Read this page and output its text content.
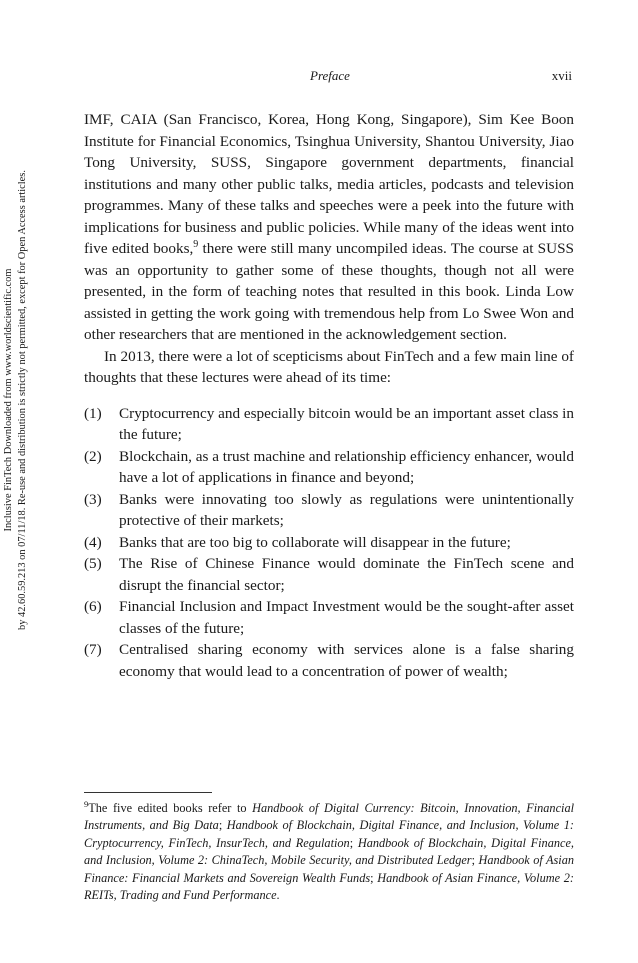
Inclusive FinTech Downloaded from www.worldscientific.com by 42.60.59.213 on 07/11/18. Re-use and distribution is strictly not permitted, except for Open Access articles.
Preface	xvii

IMF, CAIA (San Francisco, Korea, Hong Kong, Singapore), Sim Kee Boon Institute for Financial Economics, Tsinghua University, Shantou University, Jiao Tong University, SUSS, Singapore government departments, financial institutions and many other public talks, media articles, podcasts and television programmes. Many of these talks and speeches were a peek into the future with implications for business and public policies. While many of the ideas went into five edited books,$^9$ there were still many uncompiled ideas. The course at SUSS was an opportunity to gather some of these thoughts, though not all were presented, in the form of teaching notes that resulted in this book. Linda Low assisted in getting the work going with tremendous help from Lo Swee Won and other researchers that are mentioned in the acknowledgement section.

In 2013, there were a lot of scepticisms about FinTech and a few main line of thoughts that these lectures were ahead of its time:

(1) Cryptocurrency and especially bitcoin would be an important asset class in the future;
(2) Blockchain, as a trust machine and relationship efficiency enhancer, would have a lot of applications in finance and beyond;
(3) Banks were innovating too slowly as regulations were unintentionally protective of their markets;
(4) Banks that are too big to collaborate will disappear in the future;
(5) The Rise of Chinese Finance would dominate the FinTech scene and disrupt the financial sector;
(6) Financial Inclusion and Impact Investment would be the sought-after asset classes of the future;
(7) Centralised sharing economy with services alone is a false sharing economy that would lead to a concentration of power of wealth;
$^9$The five edited books refer to Handbook of Digital Currency: Bitcoin, Innovation, Financial Instruments, and Big Data; Handbook of Blockchain, Digital Finance, and Inclusion, Volume 1: Cryptocurrency, FinTech, InsurTech, and Regulation; Handbook of Blockchain, Digital Finance, and Inclusion, Volume 2: ChinaTech, Mobile Security, and Distributed Ledger; Handbook of Asian Finance: Financial Markets and Sovereign Wealth Funds; Handbook of Asian Finance, Volume 2: REITs, Trading and Fund Performance.
